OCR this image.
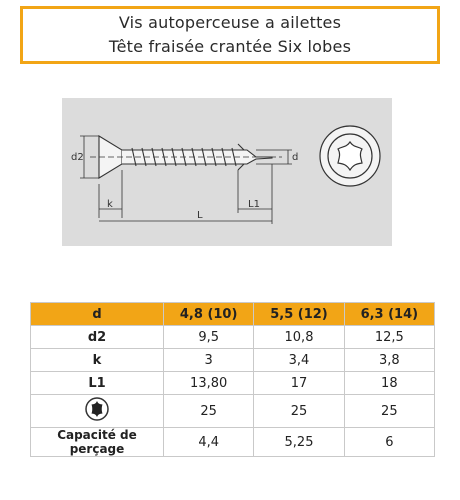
Vis autoperceuse a ailettes
Tête fraisée crantée Six lobes
d2	d
k
L
L1
d	4,8 (10)	5,5 (12)	6,3 (14)
d2	9,5	10,8	12,5
k	3	3,4	3,8
L1	13,80	17	18
	25	25	25
Capacité de perçage	4,4	5,25	6
